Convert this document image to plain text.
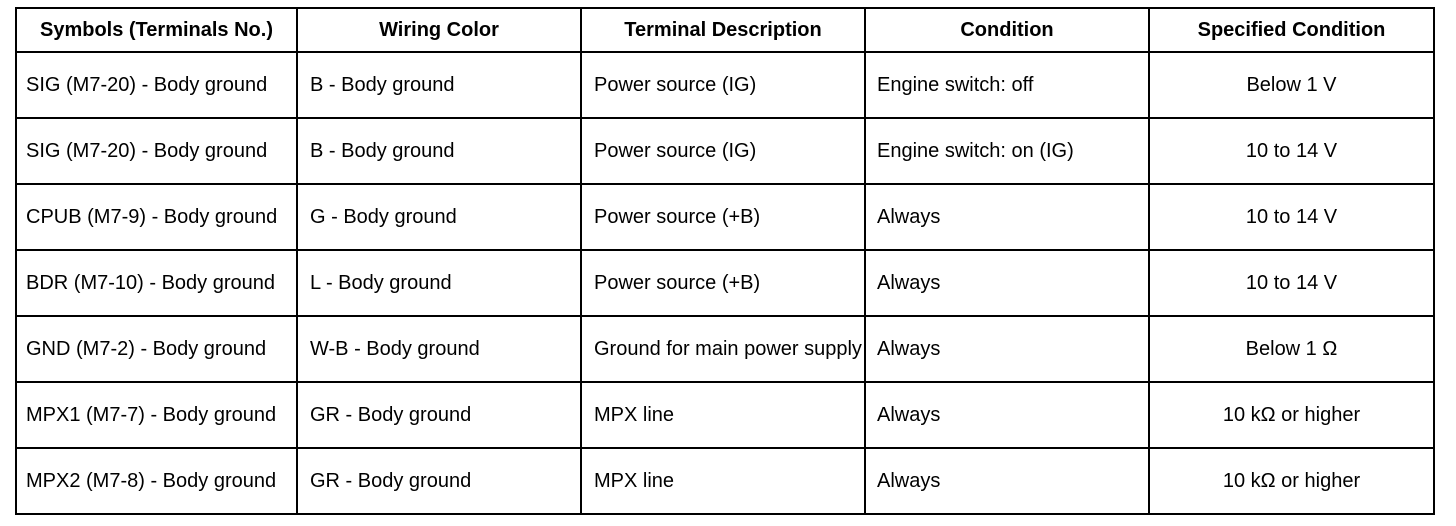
Symbols (Terminals No.)	Wiring Color	Terminal Description	Condition	Specified Condition
SIG (M7-20) - Body ground	B - Body ground	Power source (IG)	Engine switch: off	Below 1 V
SIG (M7-20) - Body ground	B - Body ground	Power source (IG)	Engine switch: on (IG)	10 to 14 V
CPUB (M7-9) - Body ground	G - Body ground	Power source (+B)	Always	10 to 14 V
BDR (M7-10) - Body ground	L - Body ground	Power source (+B)	Always	10 to 14 V
GND (M7-2) - Body ground	W-B - Body ground	Ground for main power supply	Always	Below 1 Ω
MPX1 (M7-7) - Body ground	GR - Body ground	MPX line	Always	10 kΩ or higher
MPX2 (M7-8) - Body ground	GR - Body ground	MPX line	Always	10 kΩ or higher
